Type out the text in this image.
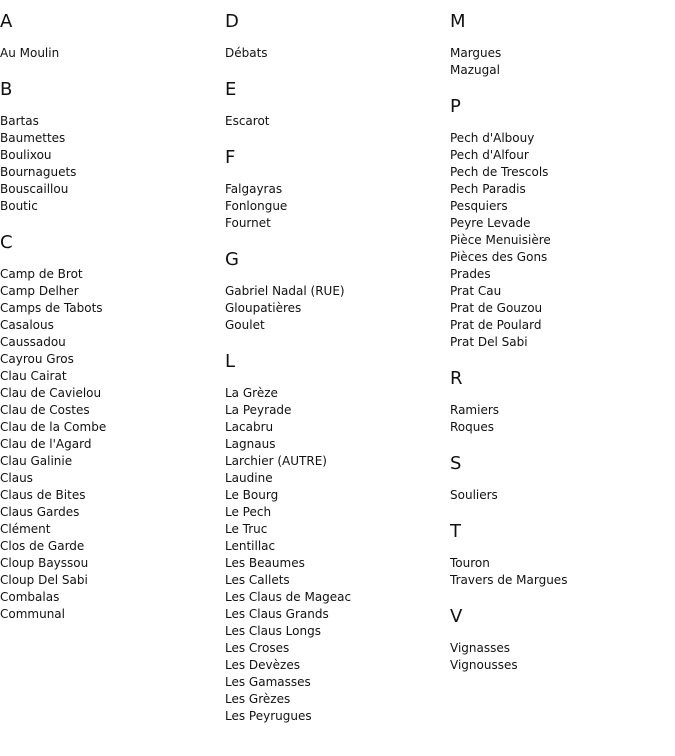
A
Au Moulin
B
Bartas
Baumettes
Boulixou
Bournaguets
Bouscaillou
Boutic
C
Camp de Brot
Camp Delher
Camps de Tabots
Casalous
Caussadou
Cayrou Gros
Clau Cairat
Clau de Cavielou
Clau de Costes
Clau de la Combe
Clau de l'Agard
Clau Galinie
Claus
Claus de Bites
Claus Gardes
Clément
Clos de Garde
Cloup Bayssou
Cloup Del Sabi
Combalas
Communal
D
Débats
E
Escarot
F
Falgayras
Fonlongue
Fournet
G
Gabriel Nadal (RUE)
Gloupatières
Goulet
L
La Grèze
La Peyrade
Lacabru
Lagnaus
Larchier (AUTRE)
Laudine
Le Bourg
Le Pech
Le Truc
Lentillac
Les Beaumes
Les Callets
Les Claus de Mageac
Les Claus Grands
Les Claus Longs
Les Croses
Les Devèzes
Les Gamasses
Les Grèzes
Les Peyrugues
M
Margues
Mazugal
P
Pech d'Albouy
Pech d'Alfour
Pech de Trescols
Pech Paradis
Pesquiers
Peyre Levade
Pièce Menuisière
Pièces des Gons
Prades
Prat Cau
Prat de Gouzou
Prat de Poulard
Prat Del Sabi
R
Ramiers
Roques
S
Souliers
T
Touron
Travers de Margues
V
Vignasses
Vignousses
